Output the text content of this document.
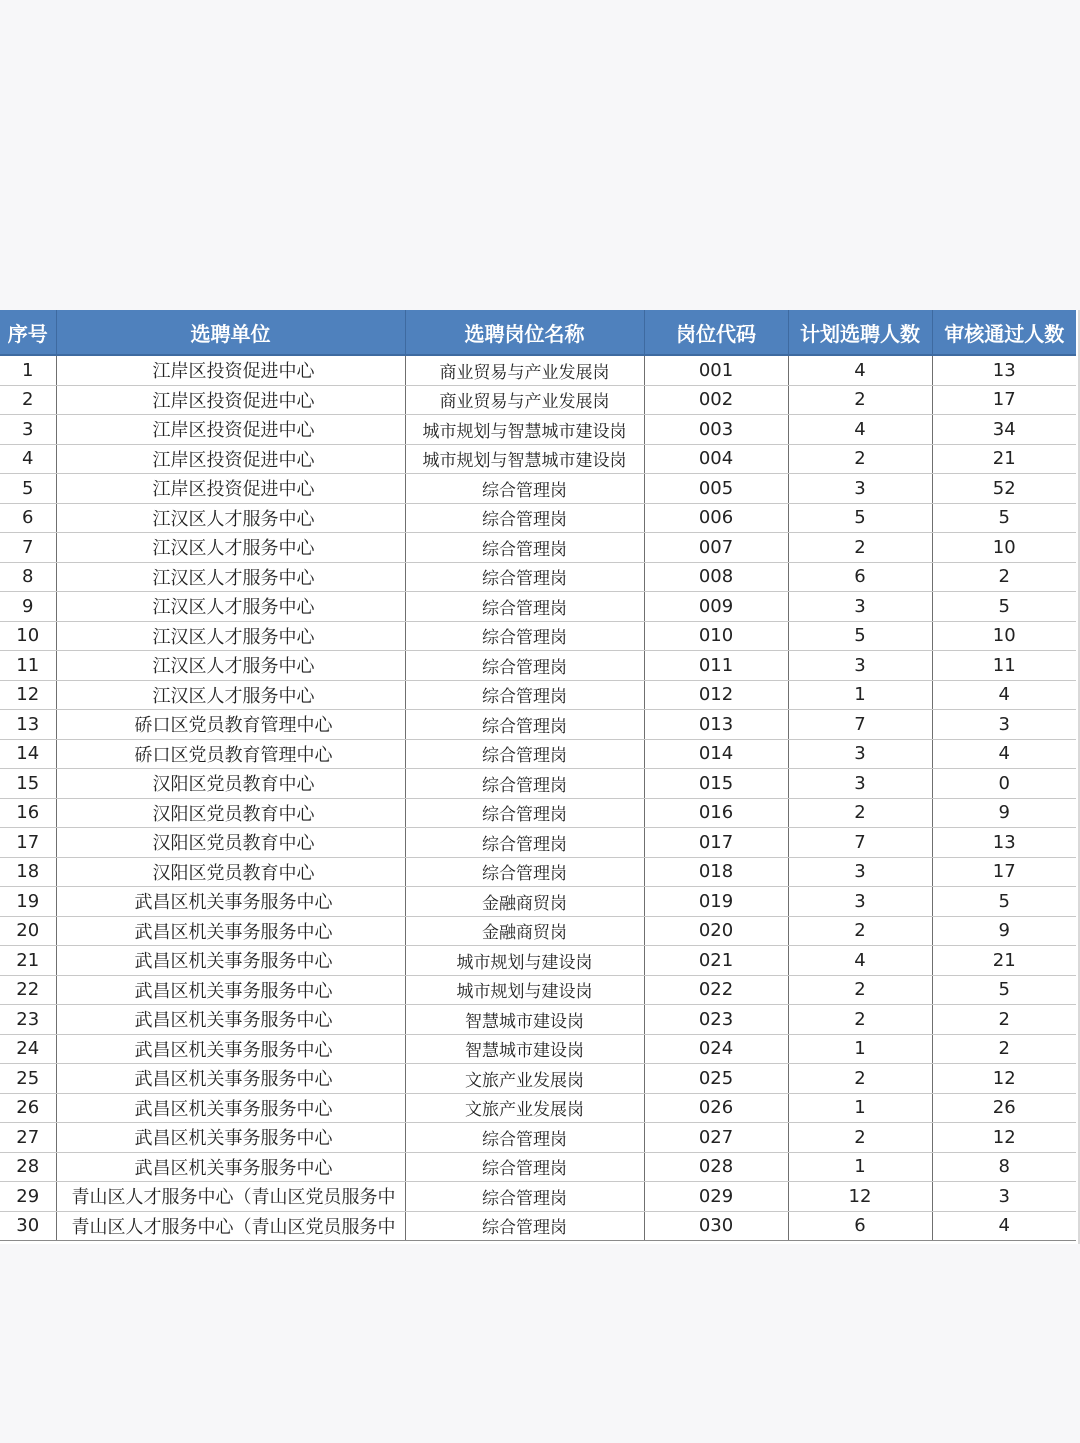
序号	选聘单位	选聘岗位名称	岗位代码	计划选聘人数	审核通过人数
1	江岸区投资促进中心	商业贸易与产业发展岗	001	4	13
2	江岸区投资促进中心	商业贸易与产业发展岗	002	2	17
3	江岸区投资促进中心	城市规划与智慧城市建设岗	003	4	34
4	江岸区投资促进中心	城市规划与智慧城市建设岗	004	2	21
5	江岸区投资促进中心	综合管理岗	005	3	52
6	江汉区人才服务中心	综合管理岗	006	5	5
7	江汉区人才服务中心	综合管理岗	007	2	10
8	江汉区人才服务中心	综合管理岗	008	6	2
9	江汉区人才服务中心	综合管理岗	009	3	5
10	江汉区人才服务中心	综合管理岗	010	5	10
11	江汉区人才服务中心	综合管理岗	011	3	11
12	江汉区人才服务中心	综合管理岗	012	1	4
13	硚口区党员教育管理中心	综合管理岗	013	7	3
14	硚口区党员教育管理中心	综合管理岗	014	3	4
15	汉阳区党员教育中心	综合管理岗	015	3	0
16	汉阳区党员教育中心	综合管理岗	016	2	9
17	汉阳区党员教育中心	综合管理岗	017	7	13
18	汉阳区党员教育中心	综合管理岗	018	3	17
19	武昌区机关事务服务中心	金融商贸岗	019	3	5
20	武昌区机关事务服务中心	金融商贸岗	020	2	9
21	武昌区机关事务服务中心	城市规划与建设岗	021	4	21
22	武昌区机关事务服务中心	城市规划与建设岗	022	2	5
23	武昌区机关事务服务中心	智慧城市建设岗	023	2	2
24	武昌区机关事务服务中心	智慧城市建设岗	024	1	2
25	武昌区机关事务服务中心	文旅产业发展岗	025	2	12
26	武昌区机关事务服务中心	文旅产业发展岗	026	1	26
27	武昌区机关事务服务中心	综合管理岗	027	2	12
28	武昌区机关事务服务中心	综合管理岗	028	1	8
29	青山区人才服务中心（青山区党员服务中	综合管理岗	029	12	3
30	青山区人才服务中心（青山区党员服务中	综合管理岗	030	6	4
